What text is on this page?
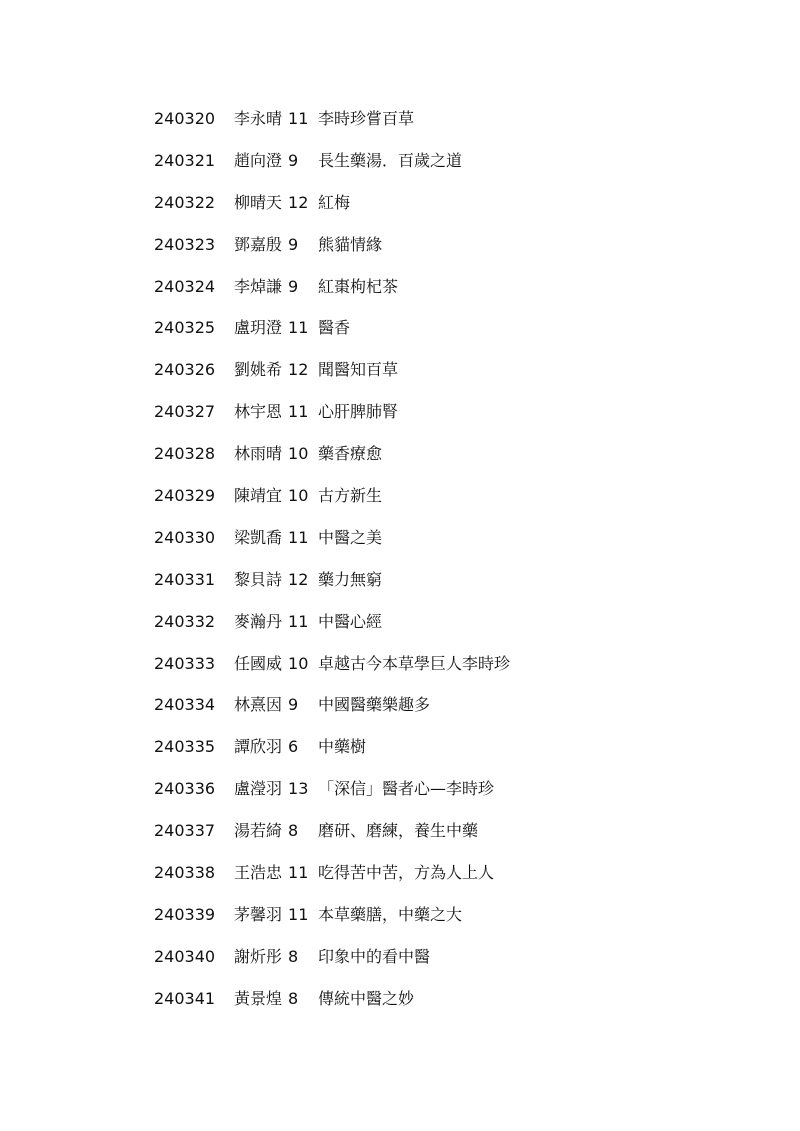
240320	李永晴 11 李時珍嘗百草
240321	趙向澄 9 長生藥湯．百歲之道
240322	柳晴天 12 紅梅
240323	鄧嘉殷 9 熊貓情緣
240324	李焯謙 9 紅棗枸杞茶
240325	盧玥澄 11 醫香
240326	劉姚希 12 聞醫知百草
240327	林宇恩 11 心肝脾肺腎
240328	林雨晴 10 藥香療愈
240329	陳靖宜 10 古方新生
240330	梁凱喬 11 中醫之美
240331	黎貝詩 12 藥力無窮
240332	麥瀚丹 11 中醫心經
240333	任國威 10 卓越古今本草學巨人李時珍
240334	林熹因 9 中國醫藥樂趣多
240335	譚欣羽 6 中藥樹
240336	盧瀅羽 13 「深信」醫者心—李時珍
240337	湯若綺 8 磨研、磨練，養生中藥
240338	王浩忠 11 吃得苦中苦，方為人上人
240339	茅馨羽 11 本草藥膳，中藥之大
240340	謝炘彤 8 印象中的看中醫
240341	黃景煌 8 傳統中醫之妙
